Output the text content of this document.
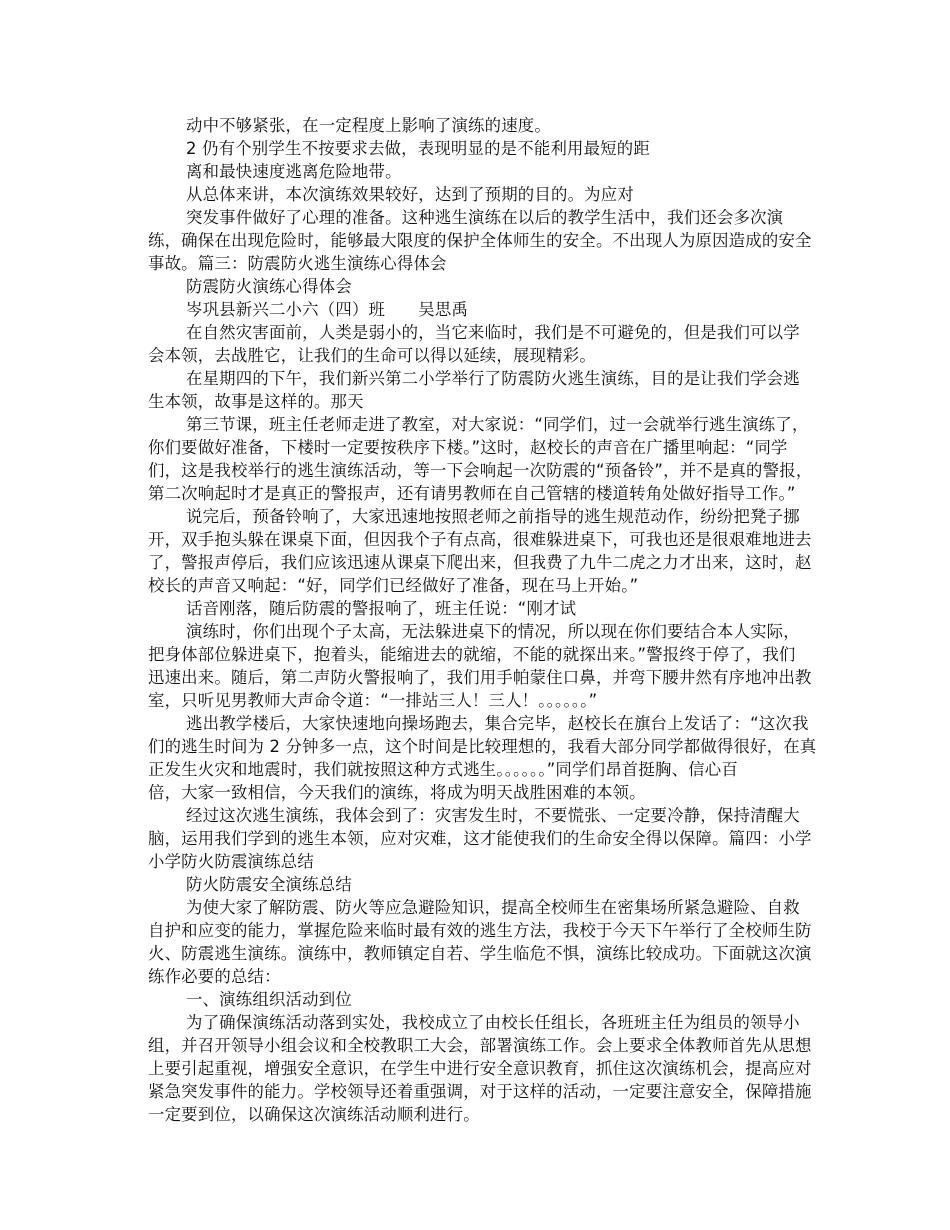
动中不够紧张，在一定程度上影响了演练的速度。
2 仍有个别学生不按要求去做，表现明显的是不能利用最短的距
离和最快速度逃离危险地带。
从总体来讲，本次演练效果较好，达到了预期的目的。为应对
突发事件做好了心理的准备。这种逃生演练在以后的教学生活中，我们还会多次演
练，确保在出现危险时，能够最大限度的保护全体师生的安全。不出现人为原因造成的安全
事故。篇三：防震防火逃生演练心得体会
防震防火演练心得体会
岑巩县新兴二小六（四）班　　吴思禹
在自然灾害面前，人类是弱小的，当它来临时，我们是不可避免的，但是我们可以学
会本领，去战胜它，让我们的生命可以得以延续，展现精彩。
在星期四的下午，我们新兴第二小学举行了防震防火逃生演练，目的是让我们学会逃
生本领，故事是这样的。那天
第三节课，班主任老师走进了教室，对大家说：“同学们，过一会就举行逃生演练了，
你们要做好准备，下楼时一定要按秩序下楼。”这时，赵校长的声音在广播里响起：“同学
们，这是我校举行的逃生演练活动，等一下会响起一次防震的“预备铃”，并不是真的警报，
第二次响起时才是真正的警报声，还有请男教师在自己管辖的楼道转角处做好指导工作。”
说完后，预备铃响了，大家迅速地按照老师之前指导的逃生规范动作，纷纷把凳子挪
开，双手抱头躲在课桌下面，但因我个子有点高，很难躲进桌下，可我也还是很艰难地进去
了，警报声停后，我们应该迅速从课桌下爬出来，但我费了九牛二虎之力才出来，这时，赵
校长的声音又响起：“好，同学们已经做好了准备，现在马上开始。”
话音刚落，随后防震的警报响了，班主任说：“刚才试
演练时，你们出现个子太高，无法躲进桌下的情况，所以现在你们要结合本人实际，
把身体部位躲进桌下，抱着头，能缩进去的就缩，不能的就探出来。”警报终于停了，我们
迅速出来。随后，第二声防火警报响了，我们用手帕蒙住口鼻，并弯下腰井然有序地冲出教
室，只听见男教师大声命令道：“一排站三人！三人！。。。。。。”
逃出教学楼后，大家快速地向操场跑去，集合完毕，赵校长在旗台上发话了：“这次我
们的逃生时间为 2 分钟多一点，这个时间是比较理想的，我看大部分同学都做得很好，在真
正发生火灾和地震时，我们就按照这种方式逃生。。。。。。”同学们昂首挺胸、信心百
倍，大家一致相信，今天我们的演练，将成为明天战胜困难的本领。
经过这次逃生演练，我体会到了：灾害发生时，不要慌张、一定要冷静，保持清醒大
脑，运用我们学到的逃生本领，应对灾难，这才能使我们的生命安全得以保障。篇四：小学
小学防火防震演练总结
防火防震安全演练总结
为使大家了解防震、防火等应急避险知识，提高全校师生在密集场所紧急避险、自救
自护和应变的能力，掌握危险来临时最有效的逃生方法，我校于今天下午举行了全校师生防
火、防震逃生演练。演练中，教师镇定自若、学生临危不惧，演练比较成功。下面就这次演
练作必要的总结：
一、演练组织活动到位
为了确保演练活动落到实处，我校成立了由校长任组长，各班班主任为组员的领导小
组，并召开领导小组会议和全校教职工大会，部署演练工作。会上要求全体教师首先从思想
上要引起重视，增强安全意识，在学生中进行安全意识教育，抓住这次演练机会，提高应对
紧急突发事件的能力。学校领导还着重强调，对于这样的活动，一定要注意安全，保障措施
一定要到位，以确保这次演练活动顺利进行。
